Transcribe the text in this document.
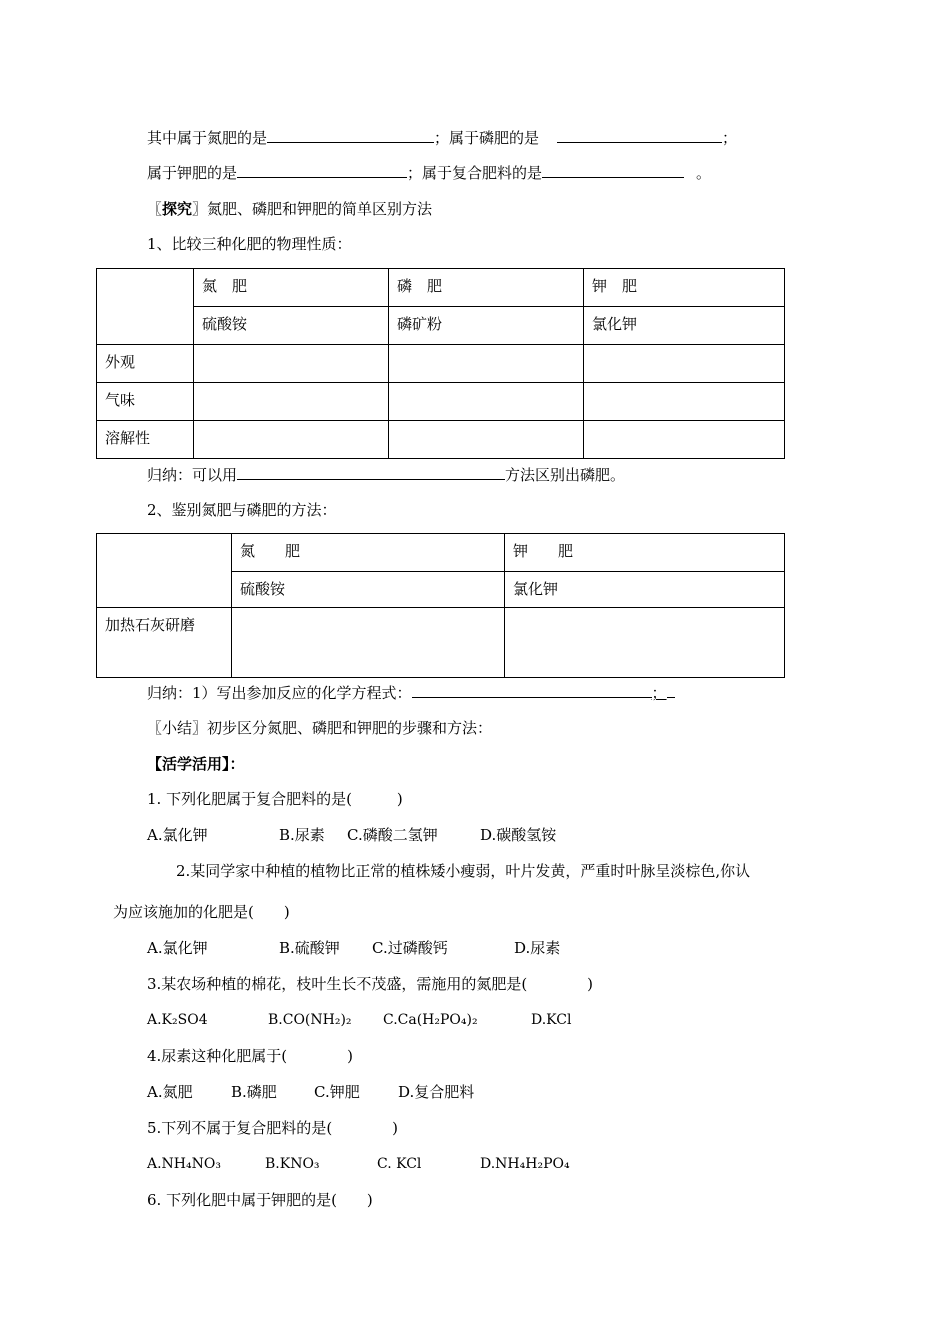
其中属于氮肥的是	；属于磷肥的是	；
属于钾肥的是	；属于复合肥料的是	。
〖探究〗氮肥、磷肥和钾肥的简单区别方法
1、比较三种化肥的物理性质：
	氮　肥	磷　肥	钾　肥
	硫酸铵	磷矿粉	氯化钾
外观			
气味			
溶解性			
归纳：可以用	方法区别出磷肥。
2、鉴别氮肥与磷肥的方法：
	氮　　肥	钾　　肥
	硫酸铵	氯化钾
加热石灰研磨		
归纳：1）写出参加反应的化学方程式：	；
〖小结〗初步区分氮肥、磷肥和钾肥的步骤和方法：
【活学活用】：
1. 下列化肥属于复合肥料的是(　　　)
A.氯化钾	B.尿素 C.磷酸二氢钾	D.碳酸氢铵
2.某同学家中种植的植物比正常的植株矮小瘦弱，叶片发黄，严重时叶脉呈淡棕色,你认
为应该施加的化肥是(　　)
A.氯化钾	B.硫酸钾 C.过磷酸钙	D.尿素
3.某农场种植的棉花，枝叶生长不茂盛，需施用的氮肥是(　　　　)
A.K₂SO4	B.CO(NH₂)₂ C.Ca(H₂PO₄)₂	D.KCl
4.尿素这种化肥属于(　　　　)
A.氮肥	B.磷肥 C.钾肥	D.复合肥料
5.下列不属于复合肥料的是(　　　　)
A.NH₄NO₃	B.KNO₃	C. KCl	D.NH₄H₂PO₄
6. 下列化肥中属于钾肥的是(　　)
